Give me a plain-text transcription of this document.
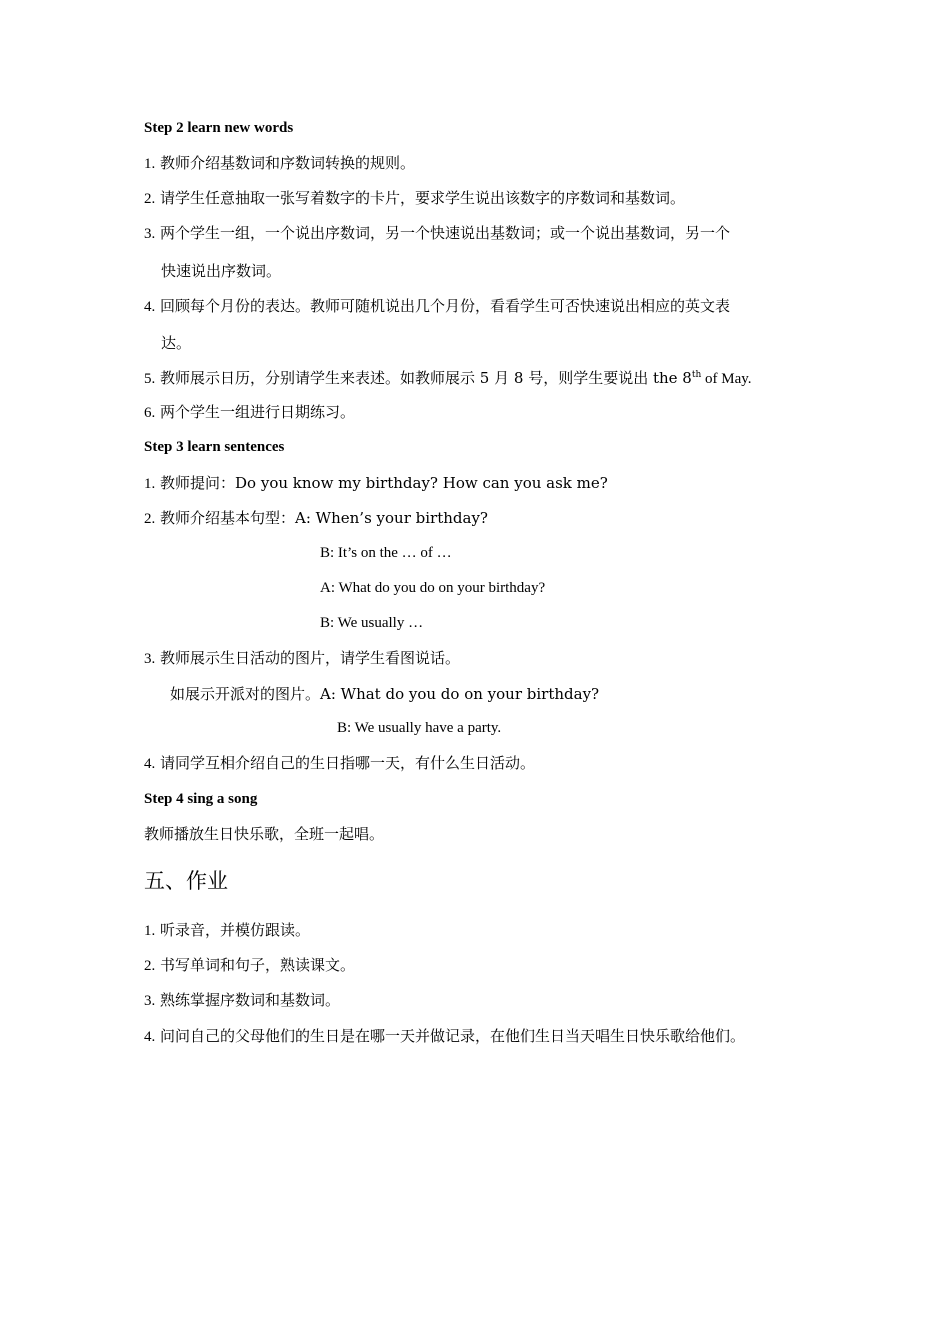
Step 2 learn new words
1. 教师介绍基数词和序数词转换的规则。
2. 请学生任意抽取一张写着数字的卡片，要求学生说出该数字的序数词和基数词。
3. 两个学生一组，一个说出序数词，另一个快速说出基数词；或一个说出基数词，另一个
快速说出序数词。
4. 回顾每个月份的表达。教师可随机说出几个月份，看看学生可否快速说出相应的英文表
达。
5. 教师展示日历，分别请学生来表述。如教师展示 5 月 8 号，则学生要说出 the 8th of May.
6. 两个学生一组进行日期练习。
Step 3 learn sentences
1. 教师提问：Do you know my birthday? How can you ask me?
2. 教师介绍基本句型：A: When’s your birthday?
B: It’s on the … of …
A: What do you do on your birthday?
B: We usually …
3. 教师展示生日活动的图片，请学生看图说话。
如展示开派对的图片。A: What do you do on your birthday?
B: We usually have a party.
4. 请同学互相介绍自己的生日指哪一天，有什么生日活动。
Step 4 sing a song
教师播放生日快乐歌，全班一起唱。
五、作业
1. 听录音，并模仿跟读。
2. 书写单词和句子，熟读课文。
3. 熟练掌握序数词和基数词。
4. 问问自己的父母他们的生日是在哪一天并做记录，在他们生日当天唱生日快乐歌给他们。
